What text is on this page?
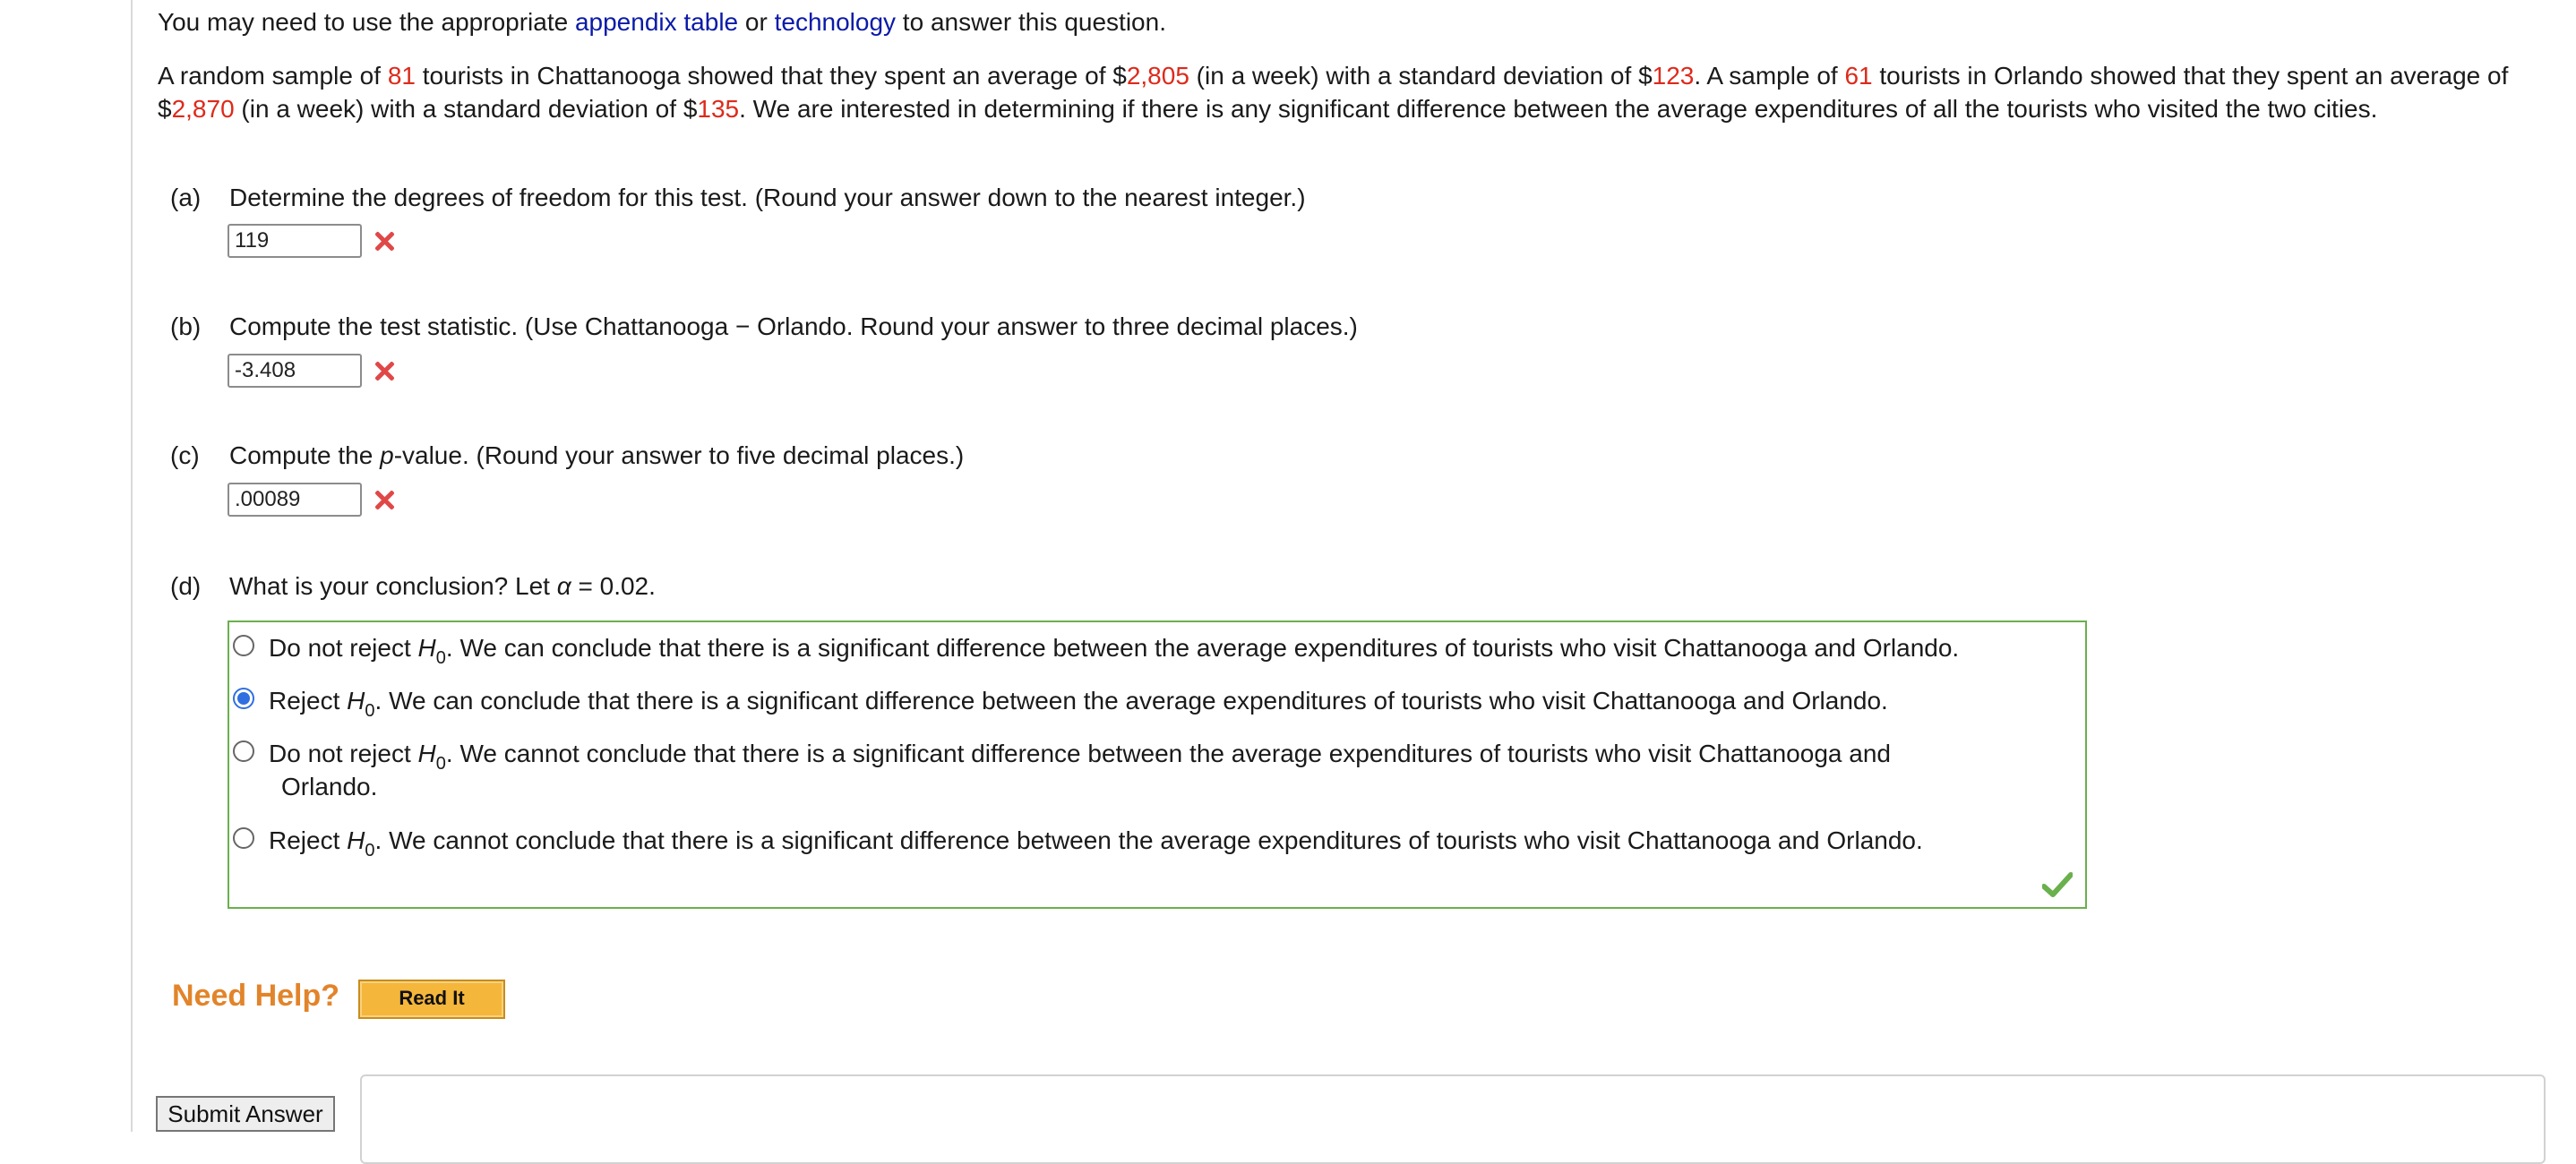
You may need to use the appropriate appendix table or technology to answer this question.
A random sample of 81 tourists in Chattanooga showed that they spent an average of $2,805 (in a week) with a standard deviation of $123. A sample of 61 tourists in Orlando showed that they spent an average of $2,870 (in a week) with a standard deviation of $135. We are interested in determining if there is any significant difference between the average expenditures of all the tourists who visited the two cities.
(a) Determine the degrees of freedom for this test. (Round your answer down to the nearest integer.)
119
(b) Compute the test statistic. (Use Chattanooga − Orlando. Round your answer to three decimal places.)
-3.408
(c) Compute the p-value. (Round your answer to five decimal places.)
.00089
(d) What is your conclusion? Let α = 0.02.
Do not reject $H_0$. We can conclude that there is a significant difference between the average expenditures of tourists who visit Chattanooga and Orlando.
Reject $H_0$. We can conclude that there is a significant difference between the average expenditures of tourists who visit Chattanooga and Orlando.
Do not reject $H_0$. We cannot conclude that there is a significant difference between the average expenditures of tourists who visit Chattanooga and
Orlando.
Reject $H_0$. We cannot conclude that there is a significant difference between the average expenditures of tourists who visit Chattanooga and Orlando.
Need Help?	Read It
Submit Answer
